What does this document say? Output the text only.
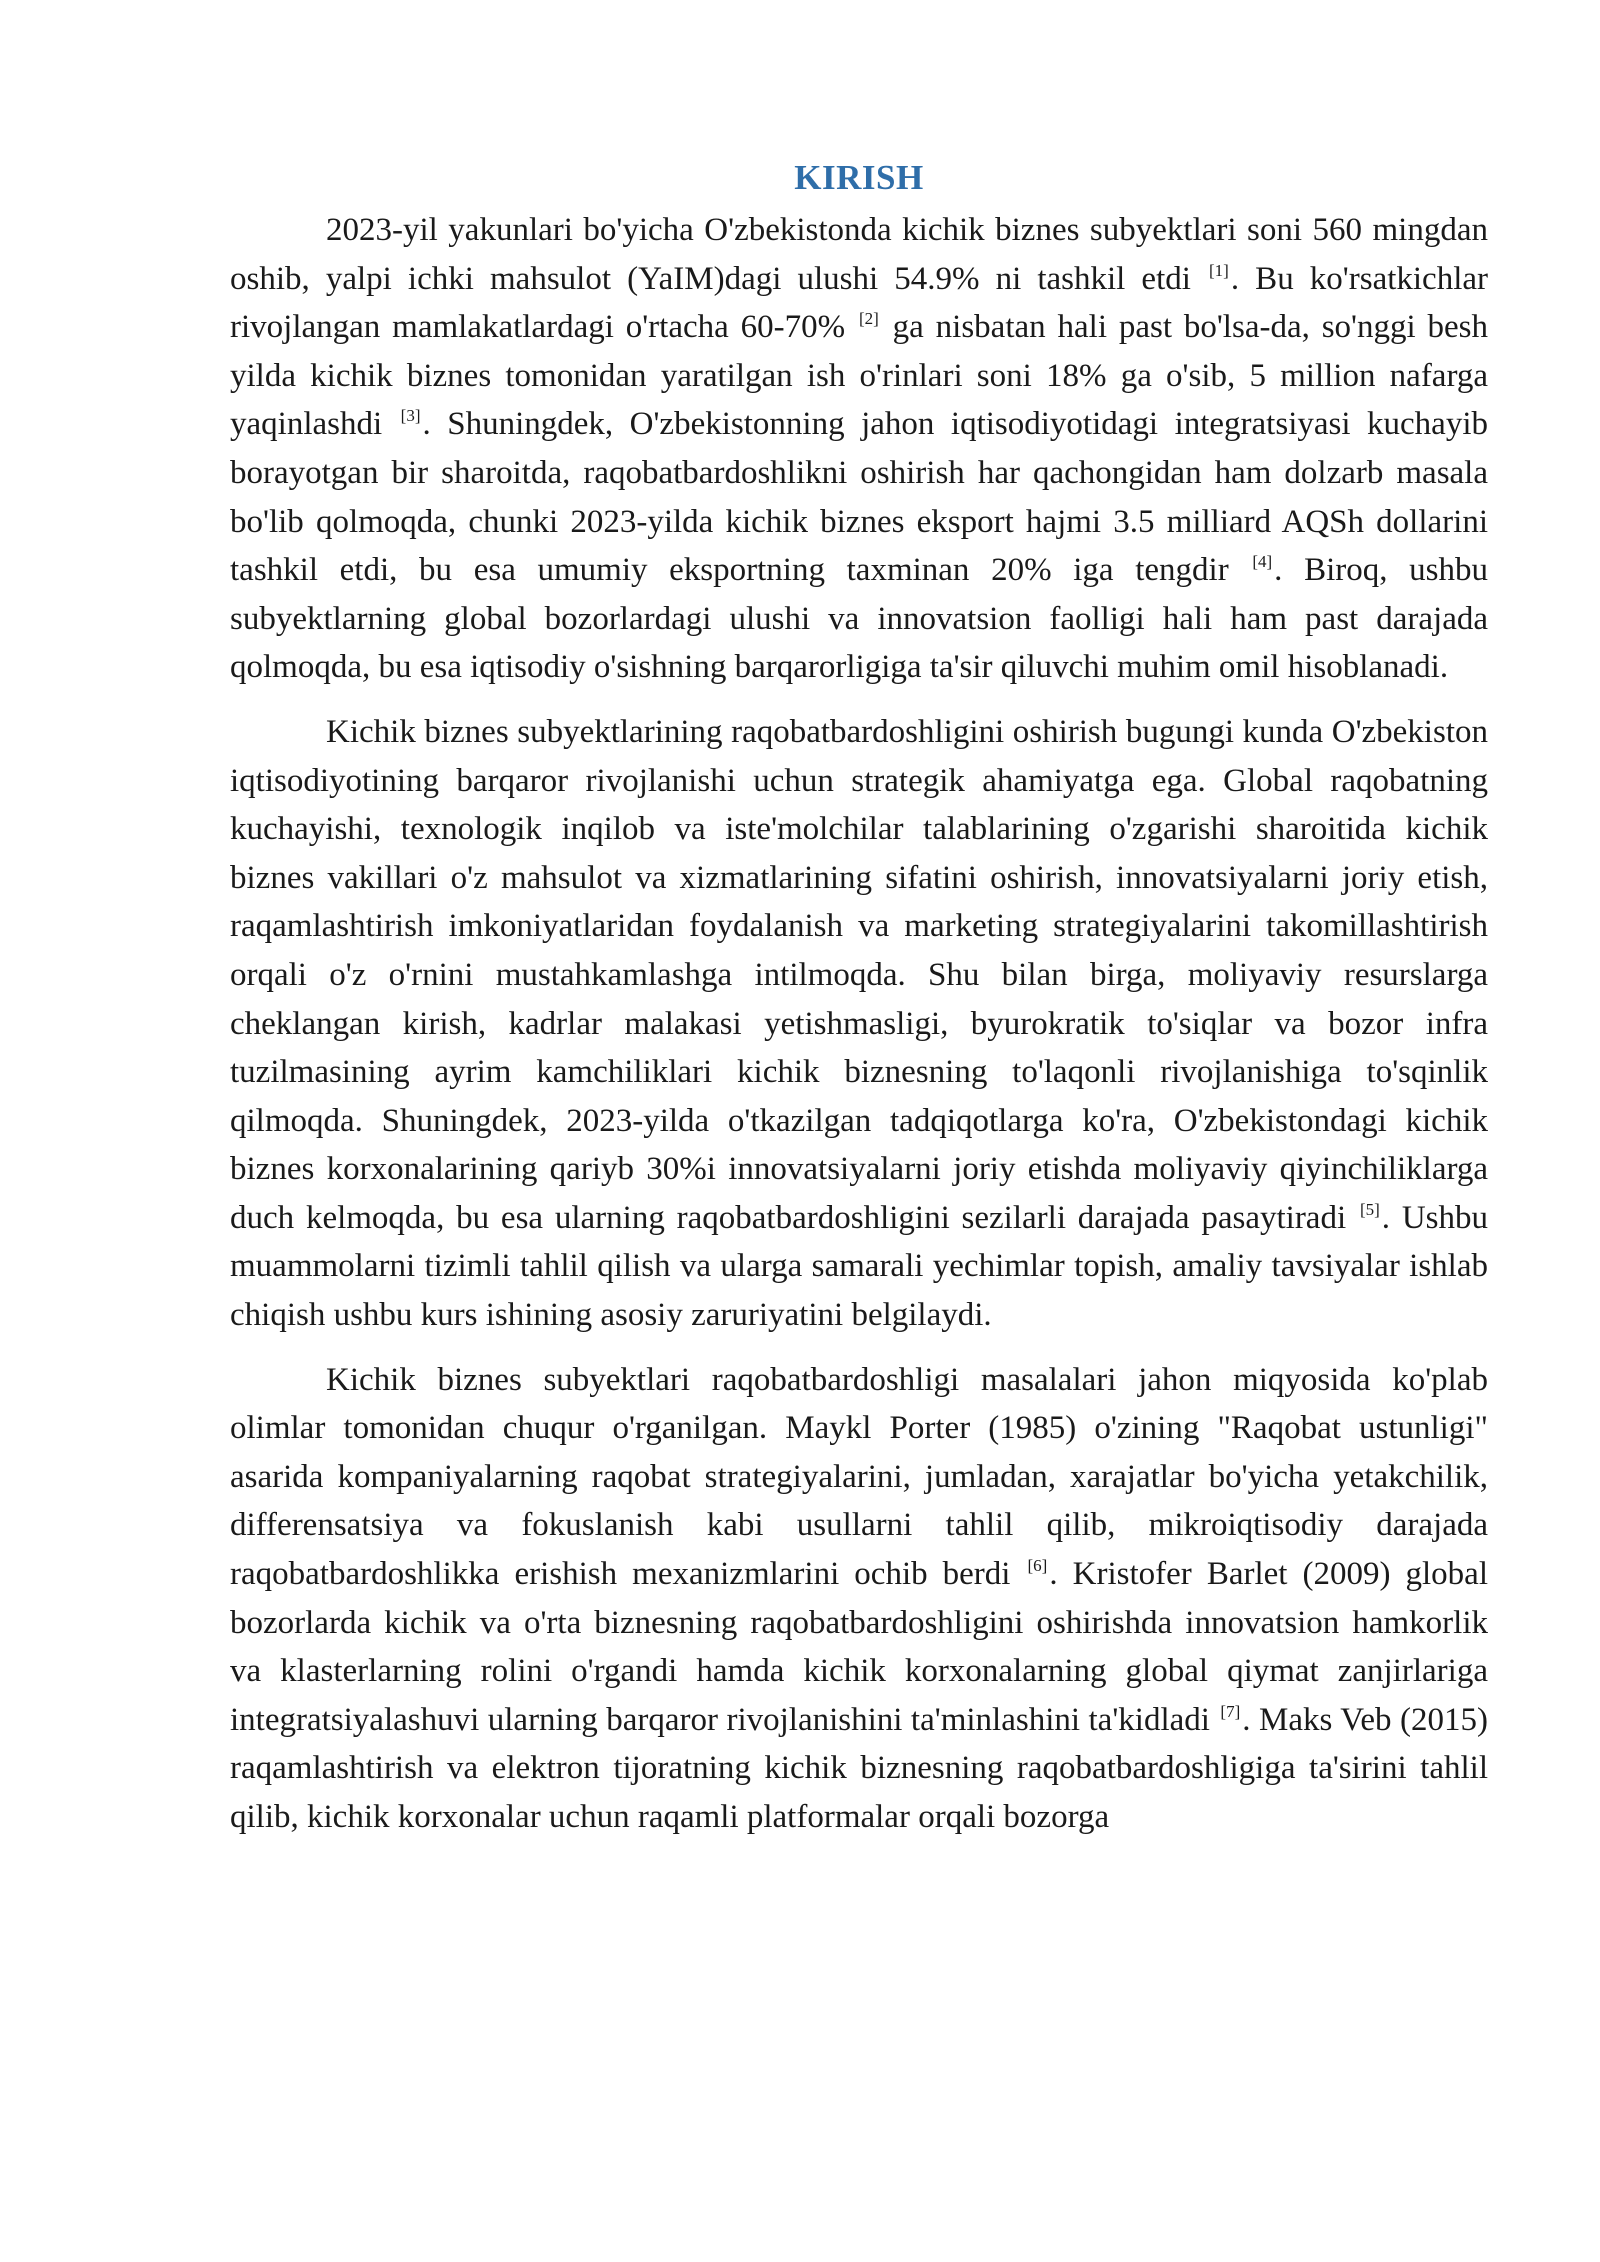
KIRISH

2023-yil yakunlari bo'yicha O'zbekistonda kichik biznes subyektlari soni 560 mingdan oshib, yalpi ichki mahsulot (YaIM)dagi ulushi 54.9% ni tashkil etdi [1]. Bu ko'rsatkichlar rivojlangan mamlakatlardagi o'rtacha 60-70% [2] ga nisbatan hali past bo'lsa-da, so'nggi besh yilda kichik biznes tomonidan yaratilgan ish o'rinlari soni 18% ga o'sib, 5 million nafarga yaqinlashdi [3]. Shuningdek, O'zbekistonning jahon iqtisodiyotidagi integratsiyasi kuchayib borayotgan bir sharoitda, raqobatbardoshlikni oshirish har qachongidan ham dolzarb masala bo'lib qolmoqda, chunki 2023-yilda kichik biznes eksport hajmi 3.5 milliard AQSh dollarini tashkil etdi, bu esa umumiy eksportning taxminan 20% iga tengdir [4]. Biroq, ushbu subyektlarning global bozorlardagi ulushi va innovatsion faolligi hali ham past darajada qolmoqda, bu esa iqtisodiy o'sishning barqarorligiga ta'sir qiluvchi muhim omil hisoblanadi.

Kichik biznes subyektlarining raqobatbardoshligini oshirish bugungi kunda O'zbekiston iqtisodiyotining barqaror rivojlanishi uchun strategik ahamiyatga ega. Global raqobatning kuchayishi, texnologik inqilob va iste'molchilar talablarining o'zgarishi sharoitida kichik biznes vakillari o'z mahsulot va xizmatlarining sifatini oshirish, innovatsiyalarni joriy etish, raqamlashtirish imkoniyatlaridan foydalanish va marketing strategiyalarini takomillashtirish orqali o'z o'rnini mustahkamlashga intilmoqda. Shu bilan birga, moliyaviy resurslarga cheklangan kirish, kadrlar malakasi yetishmasligi, byurokratik to'siqlar va bozor infra tuzilmasining ayrim kamchiliklari kichik biznesning to'laqonli rivojlanishiga to'sqinlik qilmoqda. Shuningdek, 2023-yilda o'tkazilgan tadqiqotlarga ko'ra, O'zbekistondagi kichik biznes korxonalarining qariyb 30%i innovatsiyalarni joriy etishda moliyaviy qiyinchiliklarga duch kelmoqda, bu esa ularning raqobatbardoshligini sezilarli darajada pasaytiradi [5]. Ushbu muammolarni tizimli tahlil qilish va ularga samarali yechimlar topish, amaliy tavsiyalar ishlab chiqish ushbu kurs ishining asosiy zaruriyatini belgilaydi.

Kichik biznes subyektlari raqobatbardoshligi masalalari jahon miqyosida ko'plab olimlar tomonidan chuqur o'rganilgan. Maykl Porter (1985) o'zining "Raqobat ustunligi" asarida kompaniyalarning raqobat strategiyalarini, jumladan, xarajatlar bo'yicha yetakchilik, differensatsiya va fokuslanish kabi usullarni tahlil qilib, mikroiqtisodiy darajada raqobatbardoshlikka erishish mexanizmlarini ochib berdi [6]. Kristofer Barlet (2009) global bozorlarda kichik va o'rta biznesning raqobatbardoshligini oshirishda innovatsion hamkorlik va klasterlarning rolini o'rgandi hamda kichik korxonalarning global qiymat zanjirlariga integratsiyalashuvi ularning barqaror rivojlanishini ta'minlashini ta'kidladi [7]. Maks Veb (2015) raqamlashtirish va elektron tijoratning kichik biznesning raqobatbardoshligiga ta'sirini tahlil qilib, kichik korxonalar uchun raqamli platformalar orqali bozorga
